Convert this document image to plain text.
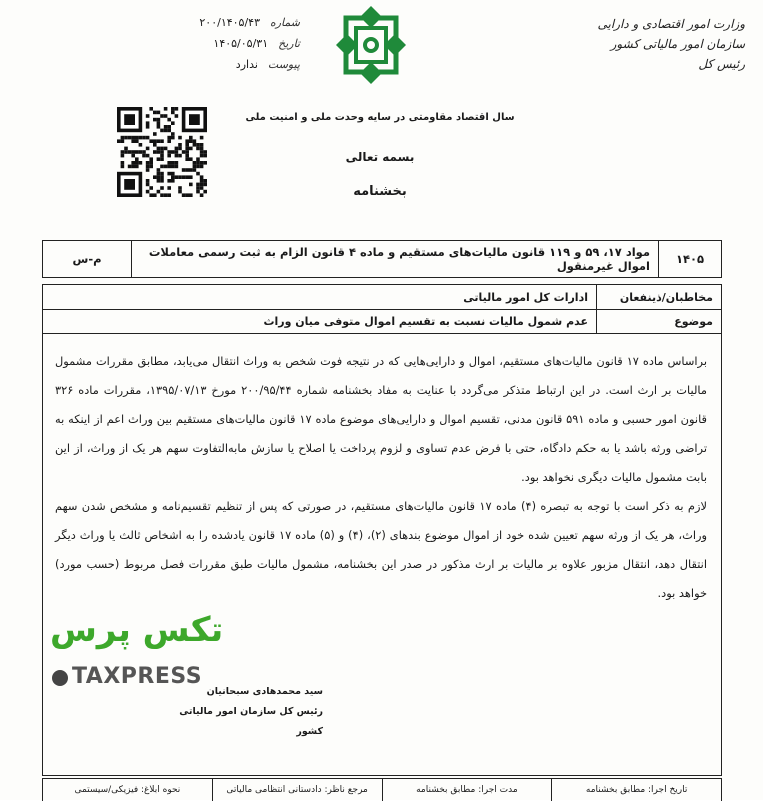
شماره
۲۰۰/۱۴۰۵/۴۳
تاریخ
۱۴۰۵/۰۵/۳۱
پیوست
ندارد
وزارت امور اقتصادی و دارایی
سازمان امور مالیاتی کشور
رئیس کل
سال اقتصاد مقاومتی در سایه وحدت ملی و امنیت ملی
بسمه تعالی
بخشنامه
۱۴۰۵
مواد ۱۷، ۵۹ و ۱۱۹ قانون مالیات‌های مستقیم و ماده ۴ قانون الزام به ثبت رسمی معاملات اموال غیرمنقول
م-س
مخاطبان/ذینفعان
ادارات کل امور مالیاتی
موضوع
عدم شمول مالیات نسبت به تقسیم اموال متوفی میان وراث

براساس ماده ۱۷ قانون مالیات‌های مستقیم، اموال و دارایی‌هایی که در نتیجه فوت شخص به وراث انتقال می‌یابد، مطابق مقررات مشمول مالیات بر ارث است. در این ارتباط متذکر می‌گردد با عنایت به مفاد بخشنامه شماره ۲۰۰/۹۵/۴۴ مورخ ۱۳۹۵/۰۷/۱۳، مقررات ماده ۳۲۶ قانون امور حسبی و ماده ۵۹۱ قانون مدنی، تقسیم اموال و دارایی‌های موضوع ماده ۱۷ قانون مالیات‌های مستقیم بین وراث اعم از اینکه به تراضی ورثه باشد یا به حکم دادگاه، حتی با فرض عدم تساوی و لزوم پرداخت یا اصلاح یا سازش مابه‌التفاوت سهم هر یک از وراث، از این بابت مشمول مالیات دیگری نخواهد بود.

لازم به ذکر است با توجه به تبصره (۴) ماده ۱۷ قانون مالیات‌های مستقیم، در صورتی که پس از تنظیم تقسیم‌نامه و مشخص شدن سهم وراث، هر یک از ورثه سهم تعیین شده خود از اموال موضوع بندهای (۲)، (۴) و (۵) ماده ۱۷ قانون یادشده را به اشخاص ثالث یا وراث دیگر انتقال دهد، انتقال مزبور علاوه بر مالیات بر ارث مذکور در صدر این بخشنامه، مشمول مالیات طبق مقررات فصل مربوط (حسب مورد) خواهد بود.

سید محمدهادی سبحانیان
رئیس کل سازمان امور مالیاتی کشور
تکس پرس
TAXPRESS
تاریخ اجرا: مطابق بخشنامه
مدت اجرا: مطابق بخشنامه
مرجع ناظر: دادستانی انتظامی مالیاتی
نحوه ابلاغ: فیزیکی/سیستمی
